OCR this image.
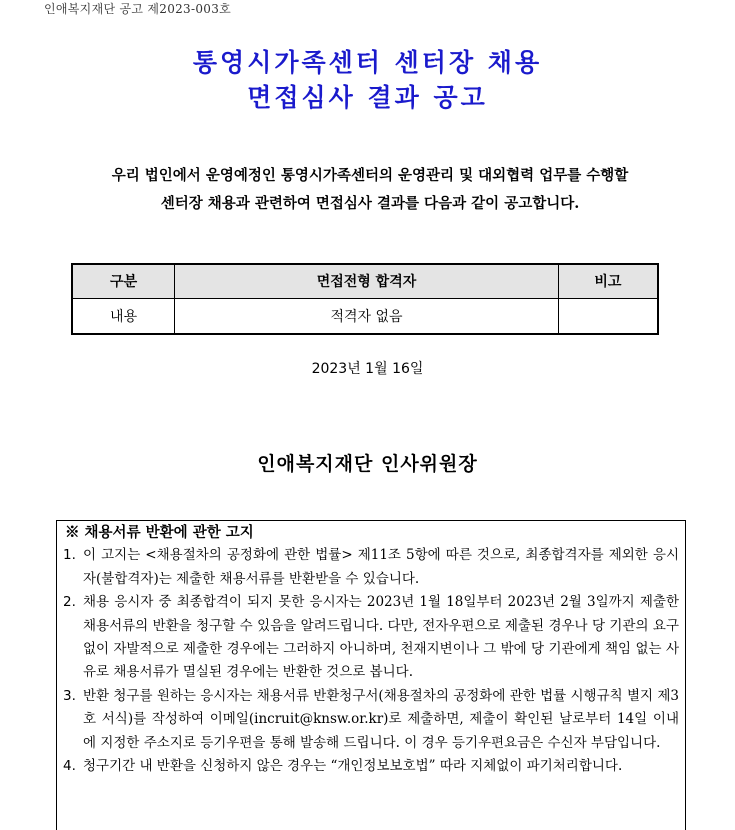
인애복지재단 공고 제2023-003호
통영시가족센터 센터장 채용
면접심사 결과 공고
우리 법인에서 운영예정인 통영시가족센터의 운영관리 및 대외협력 업무를 수행할
센터장 채용과 관련하여 면접심사 결과를 다음과 같이 공고합니다.
구분	면접전형 합격자	비고
내용	적격자 없음	
2023년 1월 16일
인애복지재단 인사위원장
※ 채용서류 반환에 관한 고지
1. 이 고지는 <채용절차의 공정화에 관한 법률> 제11조 5항에 따른 것으로, 최종합격자를 제외한 응시자(불합격자)는 제출한 채용서류를 반환받을 수 있습니다.
2. 채용 응시자 중 최종합격이 되지 못한 응시자는 2023년 1월 18일부터 2023년 2월 3일까지 제출한 채용서류의 반환을 청구할 수 있음을 알려드립니다. 다만, 전자우편으로 제출된 경우나 당 기관의 요구 없이 자발적으로 제출한 경우에는 그러하지 아니하며, 천재지변이나 그 밖에 당 기관에게 책임 없는 사유로 채용서류가 멸실된 경우에는 반환한 것으로 봅니다.
3. 반환 청구를 원하는 응시자는 채용서류 반환청구서(채용절차의 공정화에 관한 법률 시행규칙 별지 제3호 서식)를 작성하여 이메일(incruit@knsw.or.kr)로 제출하면, 제출이 확인된 날로부터 14일 이내에 지정한 주소지로 등기우편을 통해 발송해 드립니다. 이 경우 등기우편요금은 수신자 부담입니다.
4. 청구기간 내 반환을 신청하지 않은 경우는 “개인정보보호법” 따라 지체없이 파기처리합니다.
